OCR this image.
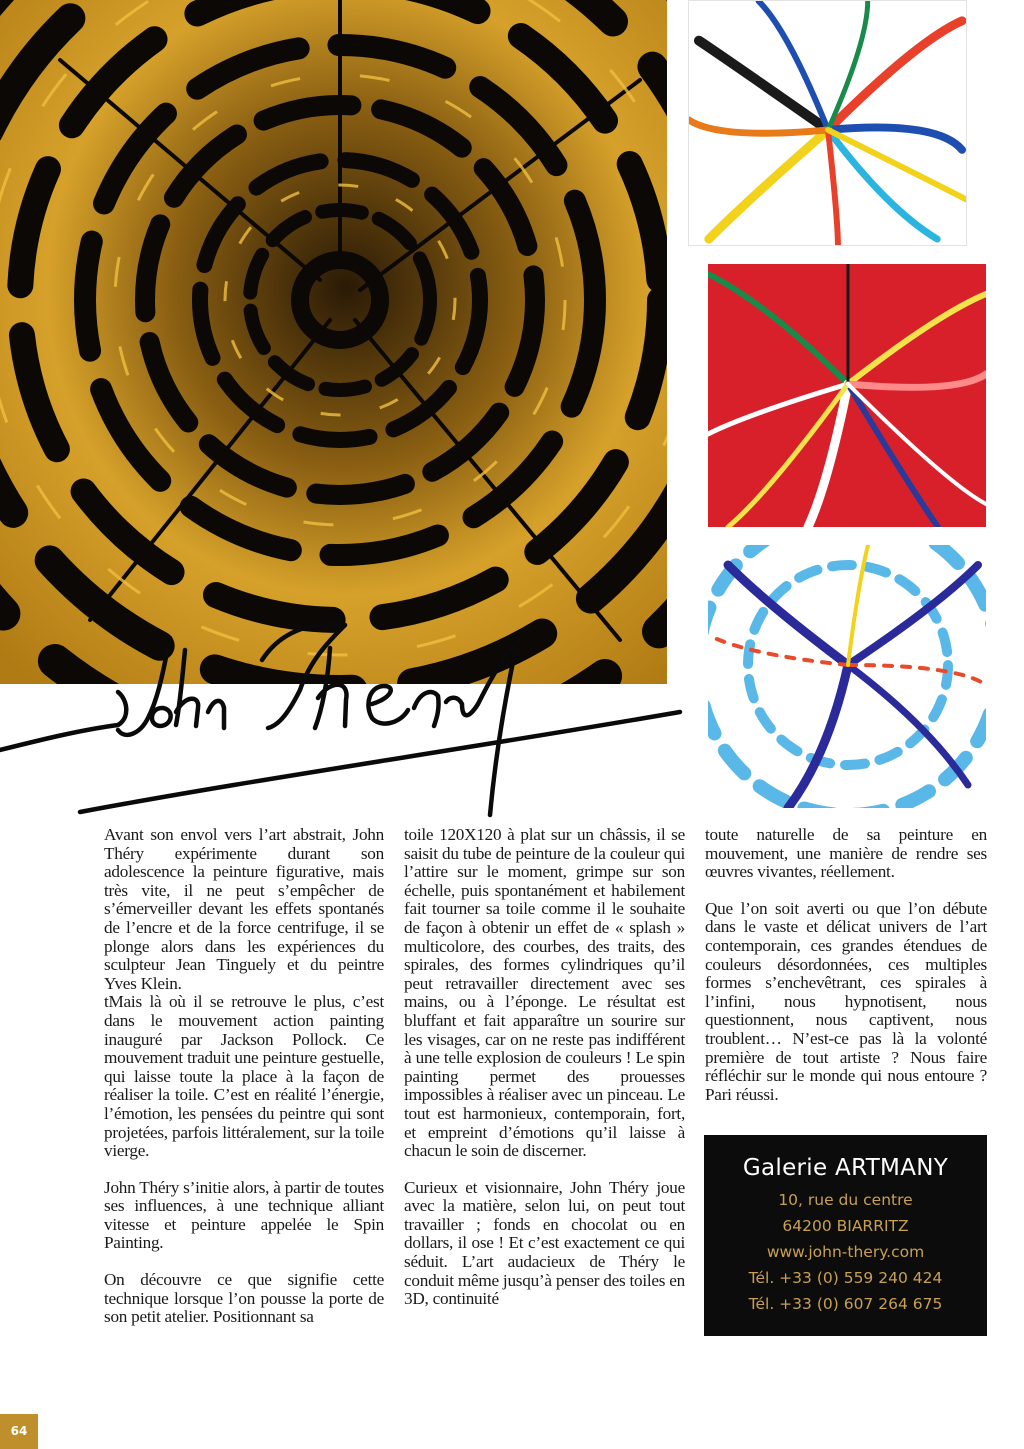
Avant son envol vers l’art abstrait, John Théry expérimente durant son adolescence la peinture figurative, mais très vite, il ne peut s’empêcher de s’émerveiller devant les effets spontanés de l’encre et de la force centrifuge, il se plonge alors dans les expériences du sculpteur Jean Tinguely et du peintre Yves Klein.

tMais là où il se retrouve le plus, c’est dans le mouvement action painting inauguré par Jackson Pollock. Ce mouvement traduit une peinture gestuelle, qui laisse toute la place à la façon de réaliser la toile. C’est en réalité l’énergie, l’émotion, les pensées du peintre qui sont projetées, parfois littéralement, sur la toile vierge.

John Théry s’initie alors, à partir de toutes ses influences, à une technique alliant vitesse et peinture appelée le Spin Painting.

On découvre ce que signifie cette technique lorsque l’on pousse la porte de son petit atelier. Positionnant sa

toile 120X120 à plat sur un châssis, il se saisit du tube de peinture de la couleur qui l’attire sur le moment, grimpe sur son échelle, puis spontanément et habilement fait tourner sa toile comme il le souhaite de façon à obtenir un effet de « splash » multicolore, des courbes, des traits, des spirales, des formes cylindriques qu’il peut retravailler directement avec ses mains, ou à l’éponge. Le résultat est bluffant et fait apparaître un sourire sur les visages, car on ne reste pas indifférent à une telle explosion de couleurs ! Le spin painting permet des prouesses impossibles à réaliser avec un pinceau. Le tout est harmonieux, contemporain, fort, et empreint d’émotions qu’il laisse à chacun le soin de discerner.

Curieux et visionnaire, John Théry joue avec la matière, selon lui, on peut tout travailler ; fonds en chocolat ou en dollars, il ose ! Et c’est exactement ce qui séduit. L’art audacieux de Théry le conduit même jusqu’à penser des toiles en 3D, continuité

toute naturelle de sa peinture en mouvement, une manière de rendre ses œuvres vivantes, réellement.

Que l’on soit averti ou que l’on débute dans le vaste et délicat univers de l’art contemporain, ces grandes étendues de couleurs désordonnées, ces multiples formes s’enchevêtrant, ces spirales à l’infini, nous hypnotisent, nous questionnent, nous captivent, nous troublent… N’est-ce pas là la volonté première de tout artiste ? Nous faire réfléchir sur le monde qui nous entoure ? Pari réussi.

Galerie ARTMANY
10, rue du centre
64200 BIARRITZ
www.john-thery.com
Tél. +33 (0) 559 240 424
Tél. +33 (0) 607 264 675
64
